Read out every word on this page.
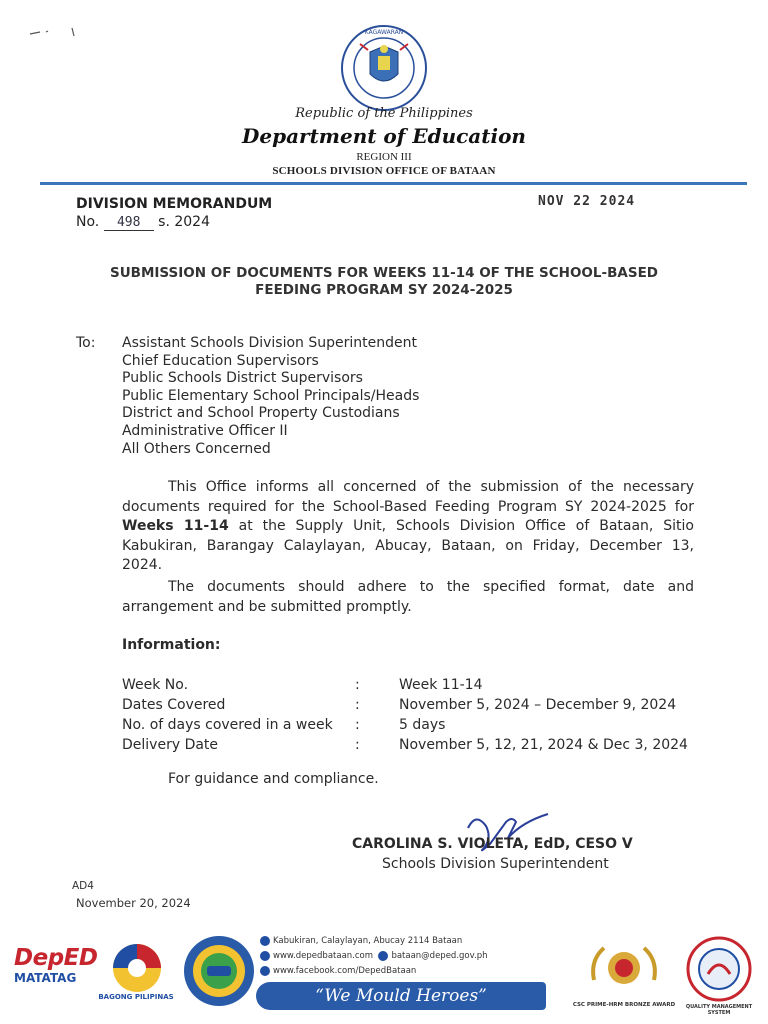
KAGAWARAN
Republic of the Philippines
Department of Education
REGION III
SCHOOLS DIVISION OFFICE OF BATAAN
DIVISION MEMORANDUM
No. 498 s. 2024
NOV 22 2024
SUBMISSION OF DOCUMENTS FOR WEEKS 11-14 OF THE SCHOOL-BASED
FEEDING PROGRAM SY 2024-2025
To: Assistant Schools Division Superintendent
Chief Education Supervisors
Public Schools District Supervisors
Public Elementary School Principals/Heads
District and School Property Custodians
Administrative Officer II
All Others Concerned
This Office informs all concerned of the submission of the necessary documents required for the School-Based Feeding Program SY 2024-2025 for Weeks 11-14 at the Supply Unit, Schools Division Office of Bataan, Sitio Kabukiran, Barangay Calaylayan, Abucay, Bataan, on Friday, December 13, 2024.
The documents should adhere to the specified format, date and arrangement and be submitted promptly.
Information:
Week No.	:	Week 11-14
Dates Covered	:	November 5, 2024 – December 9, 2024
No. of days covered in a week	:	5 days
Delivery Date	:	November 5, 12, 21, 2024 & Dec 3, 2024
For guidance and compliance.
CAROLINA S. VIOLETA, EdD, CESO V
Schools Division Superintendent
AD4
November 20, 2024
DepED
MATATAG
BAGONG PILIPINAS
Kabukiran, Calaylayan, Abucay 2114 Bataan
www.depedbataan.com bataan@deped.gov.ph
www.facebook.com/DepedBataan
“We Mould Heroes”	CSC PRIME-HRM BRONZE AWARD	QUALITY MANAGEMENT SYSTEM
